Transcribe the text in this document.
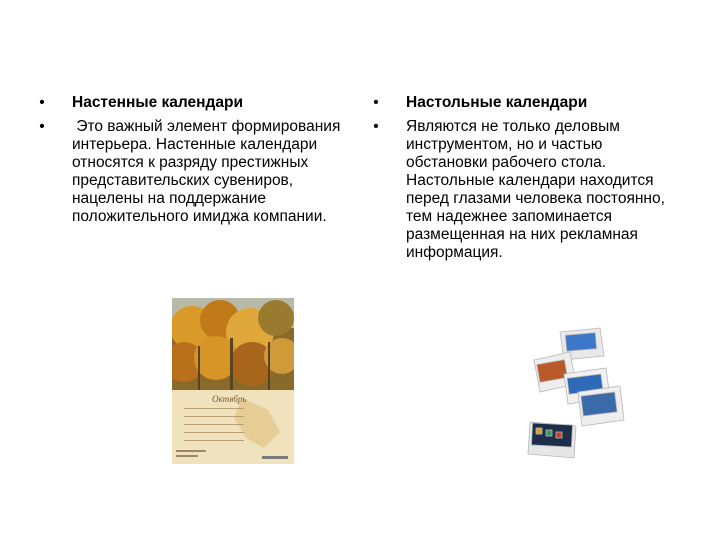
•	Настенные календари
•	Это важный элемент формирования интерьера. Настенные календари относятся к разряду престижных представительских сувениров, нацелены на поддержание положительного имиджа компании.
•	Настольные календари
•	Являются не только деловым инструментом, но и частью обстановки рабочего стола. Настольные календари находится перед глазами человека постоянно, тем надежнее запоминается размещенная на них рекламная информация.
Октябрь
